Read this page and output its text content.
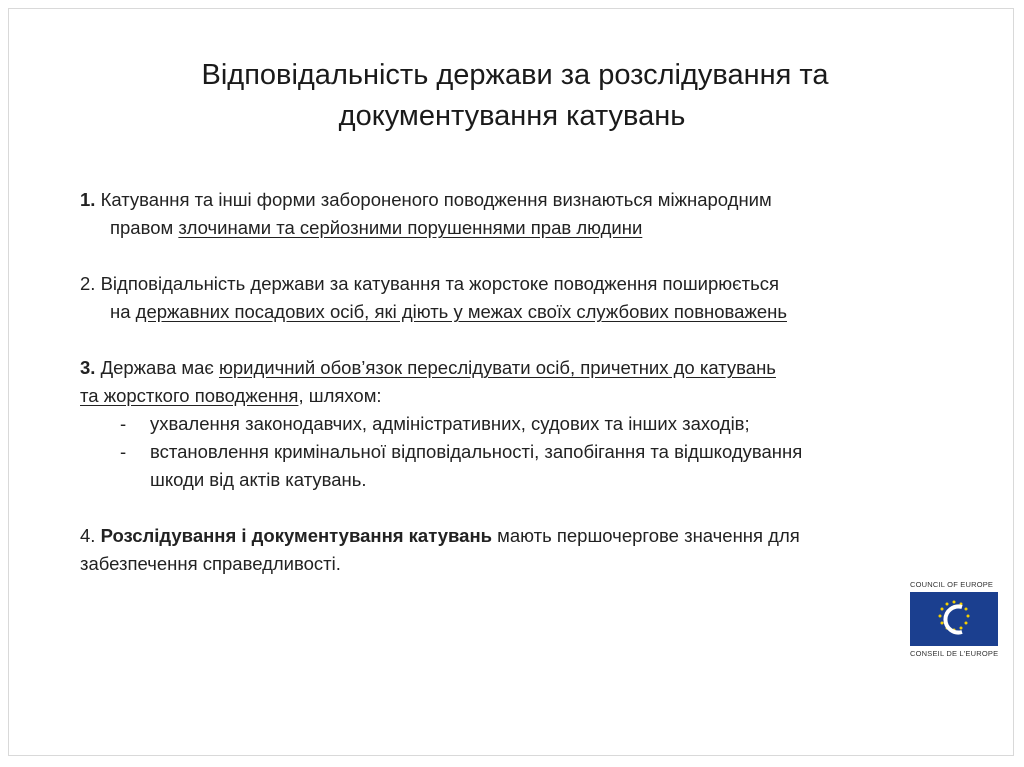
Відповідальність держави за розслідування та
документування катувань
1. Катування та інші форми забороненого поводження визнаються міжнародним
правом злочинами та серйозними порушеннями прав людини
2. Відповідальність держави за катування та жорстоке поводження поширюється
на державних посадових осіб, які діють у межах своїх службових повноважень
3. Держава має юридичний обов’язок переслідувати осіб, причетних до катувань
та жорсткого поводження, шляхом:
- ухвалення законодавчих, адміністративних, судових та інших заходів;
- встановлення кримінальної відповідальності, запобігання та відшкодування
шкоди від актів катувань.
4. Розслідування і документування катувань мають першочергове значення для
забезпечення справедливості.
COUNCIL OF EUROPE
CONSEIL DE L'EUROPE
